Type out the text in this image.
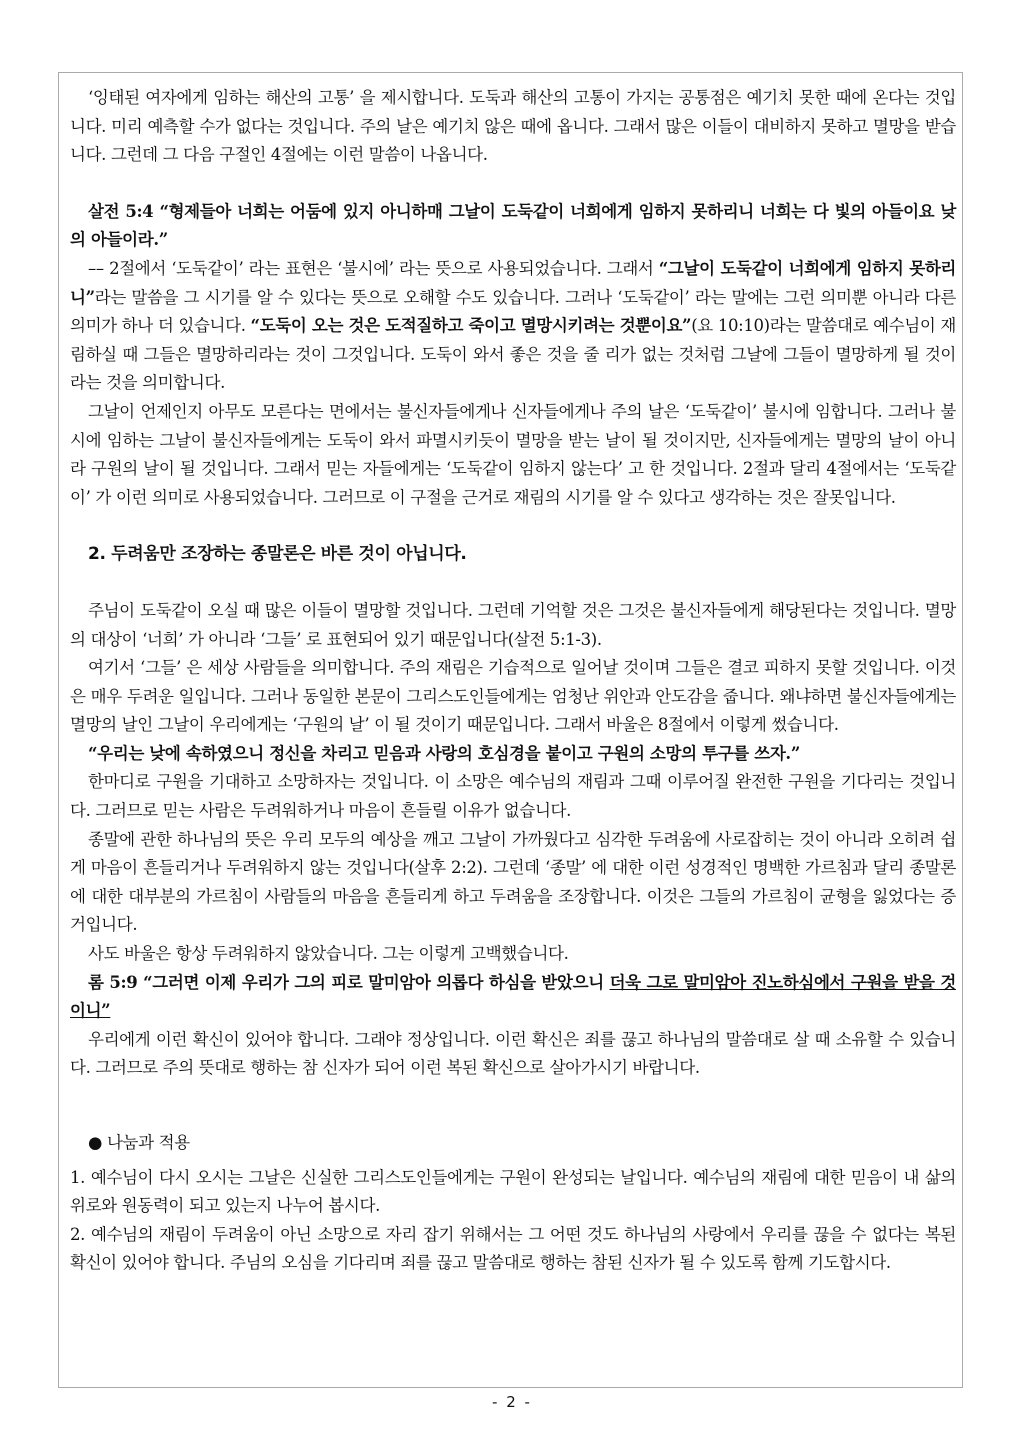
‘잉태된 여자에게 임하는 해산의 고통’ 을 제시합니다. 도둑과 해산의 고통이 가지는 공통점은 예기치 못한 때에 온다는 것입니다. 미리 예측할 수가 없다는 것입니다. 주의 날은 예기치 않은 때에 옵니다. 그래서 많은 이들이 대비하지 못하고 멸망을 받습니다. 그런데 그 다음 구절인 4절에는 이런 말씀이 나옵니다.

살전 5:4 “형제들아 너희는 어둠에 있지 아니하매 그날이 도둑같이 너희에게 임하지 못하리니 너희는 다 빛의 아들이요 낮의 아들이라.”

–– 2절에서 ‘도둑같이’ 라는 표현은 ‘불시에’ 라는 뜻으로 사용되었습니다. 그래서 “그날이 도둑같이 너희에게 임하지 못하리니”라는 말씀을 그 시기를 알 수 있다는 뜻으로 오해할 수도 있습니다. 그러나 ‘도둑같이’ 라는 말에는 그런 의미뿐 아니라 다른 의미가 하나 더 있습니다. “도둑이 오는 것은 도적질하고 죽이고 멸망시키려는 것뿐이요”(요 10:10)라는 말씀대로 예수님이 재림하실 때 그들은 멸망하리라는 것이 그것입니다. 도둑이 와서 좋은 것을 줄 리가 없는 것처럼 그날에 그들이 멸망하게 될 것이라는 것을 의미합니다.

그날이 언제인지 아무도 모른다는 면에서는 불신자들에게나 신자들에게나 주의 날은 ‘도둑같이’ 불시에 임합니다. 그러나 불시에 임하는 그날이 불신자들에게는 도둑이 와서 파멸시키듯이 멸망을 받는 날이 될 것이지만, 신자들에게는 멸망의 날이 아니라 구원의 날이 될 것입니다. 그래서 믿는 자들에게는 ‘도둑같이 임하지 않는다’ 고 한 것입니다. 2절과 달리 4절에서는 ‘도둑같이’ 가 이런 의미로 사용되었습니다. 그러므로 이 구절을 근거로 재림의 시기를 알 수 있다고 생각하는 것은 잘못입니다.

2. 두려움만 조장하는 종말론은 바른 것이 아닙니다.

주님이 도둑같이 오실 때 많은 이들이 멸망할 것입니다. 그런데 기억할 것은 그것은 불신자들에게 해당된다는 것입니다. 멸망의 대상이 ‘너희’ 가 아니라 ‘그들’ 로 표현되어 있기 때문입니다(살전 5:1-3).

여기서 ‘그들’ 은 세상 사람들을 의미합니다. 주의 재림은 기습적으로 일어날 것이며 그들은 결코 피하지 못할 것입니다. 이것은 매우 두려운 일입니다. 그러나 동일한 본문이 그리스도인들에게는 엄청난 위안과 안도감을 줍니다. 왜냐하면 불신자들에게는 멸망의 날인 그날이 우리에게는 ‘구원의 날’ 이 될 것이기 때문입니다. 그래서 바울은 8절에서 이렇게 썼습니다.

“우리는 낮에 속하였으니 정신을 차리고 믿음과 사랑의 호심경을 붙이고 구원의 소망의 투구를 쓰자.”

한마디로 구원을 기대하고 소망하자는 것입니다. 이 소망은 예수님의 재림과 그때 이루어질 완전한 구원을 기다리는 것입니다. 그러므로 믿는 사람은 두려워하거나 마음이 흔들릴 이유가 없습니다.

종말에 관한 하나님의 뜻은 우리 모두의 예상을 깨고 그날이 가까웠다고 심각한 두려움에 사로잡히는 것이 아니라 오히려 쉽게 마음이 흔들리거나 두려워하지 않는 것입니다(살후 2:2). 그런데 ‘종말’ 에 대한 이런 성경적인 명백한 가르침과 달리 종말론에 대한 대부분의 가르침이 사람들의 마음을 흔들리게 하고 두려움을 조장합니다. 이것은 그들의 가르침이 균형을 잃었다는 증거입니다.

사도 바울은 항상 두려워하지 않았습니다. 그는 이렇게 고백했습니다.

롬 5:9 “그러면 이제 우리가 그의 피로 말미암아 의롭다 하심을 받았으니 더욱 그로 말미암아 진노하심에서 구원을 받을 것이니”

우리에게 이런 확신이 있어야 합니다. 그래야 정상입니다. 이런 확신은 죄를 끊고 하나님의 말씀대로 살 때 소유할 수 있습니다. 그러므로 주의 뜻대로 행하는 참 신자가 되어 이런 복된 확신으로 살아가시기 바랍니다.

● 나눔과 적용

1. 예수님이 다시 오시는 그날은 신실한 그리스도인들에게는 구원이 완성되는 날입니다. 예수님의 재림에 대한 믿음이 내 삶의 위로와 원동력이 되고 있는지 나누어 봅시다.

2. 예수님의 재림이 두려움이 아닌 소망으로 자리 잡기 위해서는 그 어떤 것도 하나님의 사랑에서 우리를 끊을 수 없다는 복된 확신이 있어야 합니다. 주님의 오심을 기다리며 죄를 끊고 말씀대로 행하는 참된 신자가 될 수 있도록 함께 기도합시다.

- 2 -
